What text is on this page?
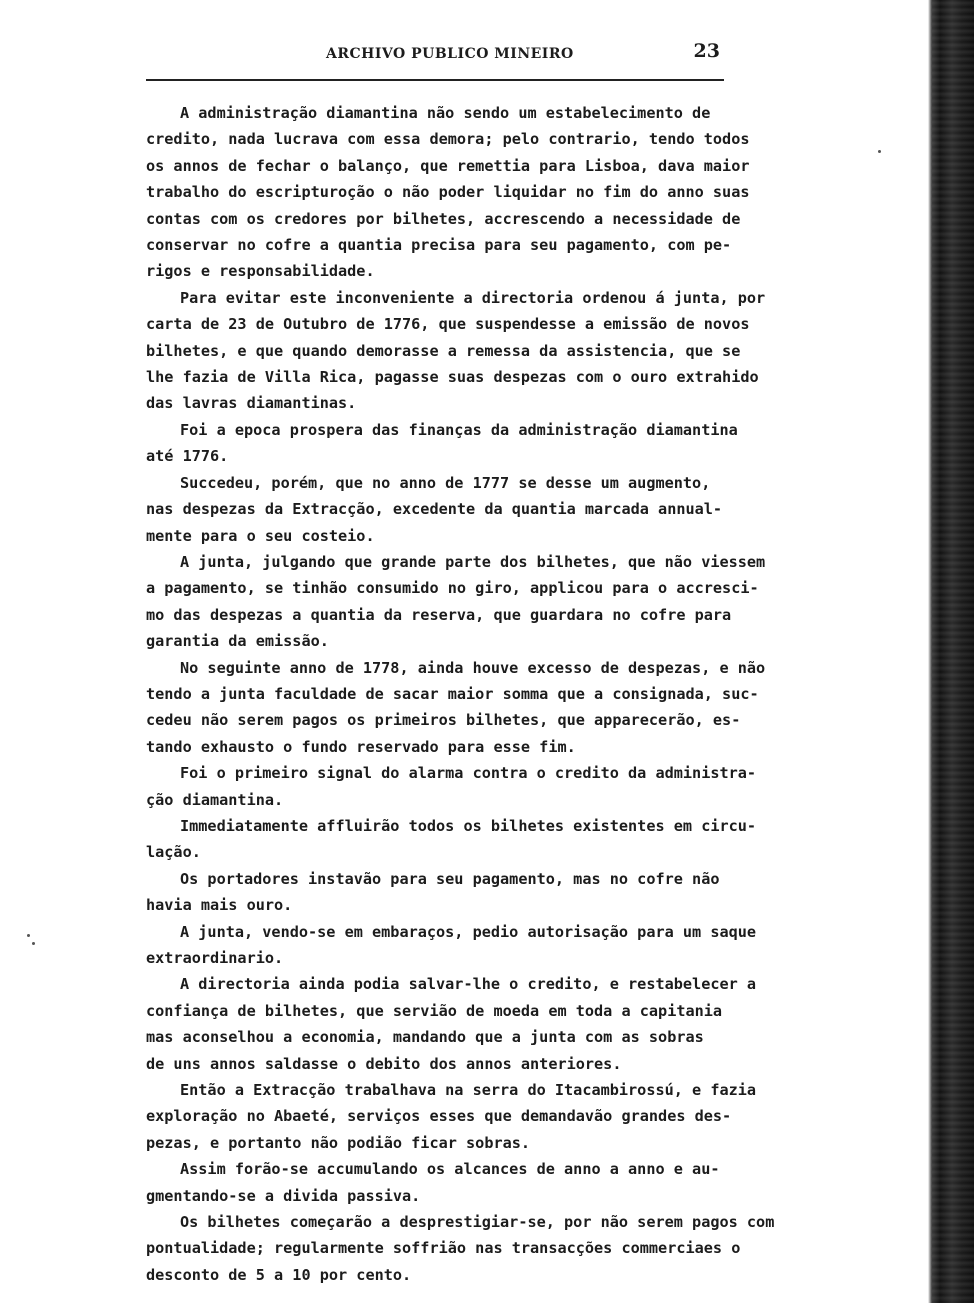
ARCHIVO PUBLICO MINEIRO	23

A administração diamantina não sendo um estabelecimento de
credito, nada lucrava com essa demora; pelo contrario, tendo todos
os annos de fechar o balanço, que remettia para Lisboa, dava maior
trabalho do escripturoção o não poder liquidar no fim do anno suas
contas com os credores por bilhetes, accrescendo a necessidade de
conservar no cofre a quantia precisa para seu pagamento, com pe-
rigos e responsabilidade.

Para evitar este inconveniente a directoria ordenou á junta, por
carta de 23 de Outubro de 1776, que suspendesse a emissão de novos
bilhetes, e que quando demorasse a remessa da assistencia, que se
lhe fazia de Villa Rica, pagasse suas despezas com o ouro extrahido
das lavras diamantinas.

Foi a epoca prospera das finanças da administração diamantina
até 1776.

Succedeu, porém, que no anno de 1777 se desse um augmento,
nas despezas da Extracção, excedente da quantia marcada annual-
mente para o seu costeio.

A junta, julgando que grande parte dos bilhetes, que não viessem
a pagamento, se tinhão consumido no giro, applicou para o accresci-
mo das despezas a quantia da reserva, que guardara no cofre para
garantia da emissão.

No seguinte anno de 1778, ainda houve excesso de despezas, e não
tendo a junta faculdade de sacar maior somma que a consignada, suc-
cedeu não serem pagos os primeiros bilhetes, que apparecerão, es-
tando exhausto o fundo reservado para esse fim.

Foi o primeiro signal do alarma contra o credito da administra-
ção diamantina.

Immediatamente affluirão todos os bilhetes existentes em circu-
lação.

Os portadores instavão para seu pagamento, mas no cofre não
havia mais ouro.

A junta, vendo-se em embaraços, pedio autorisação para um saque
extraordinario.

A directoria ainda podia salvar-lhe o credito, e restabelecer a
confiança de bilhetes, que servião de moeda em toda a capitania
mas aconselhou a economia, mandando que a junta com as sobras
de uns annos saldasse o debito dos annos anteriores.

Então a Extracção trabalhava na serra do Itacambirossú, e fazia
exploração no Abaeté, serviços esses que demandavão grandes des-
pezas, e portanto não podião ficar sobras.

Assim forão-se accumulando os alcances de anno a anno e au-
gmentando-se a divida passiva.

Os bilhetes começarão a desprestigiar-se, por não serem pagos com
pontualidade; regularmente soffrião nas transacções commerciaes o
desconto de 5 a 10 por cento.
